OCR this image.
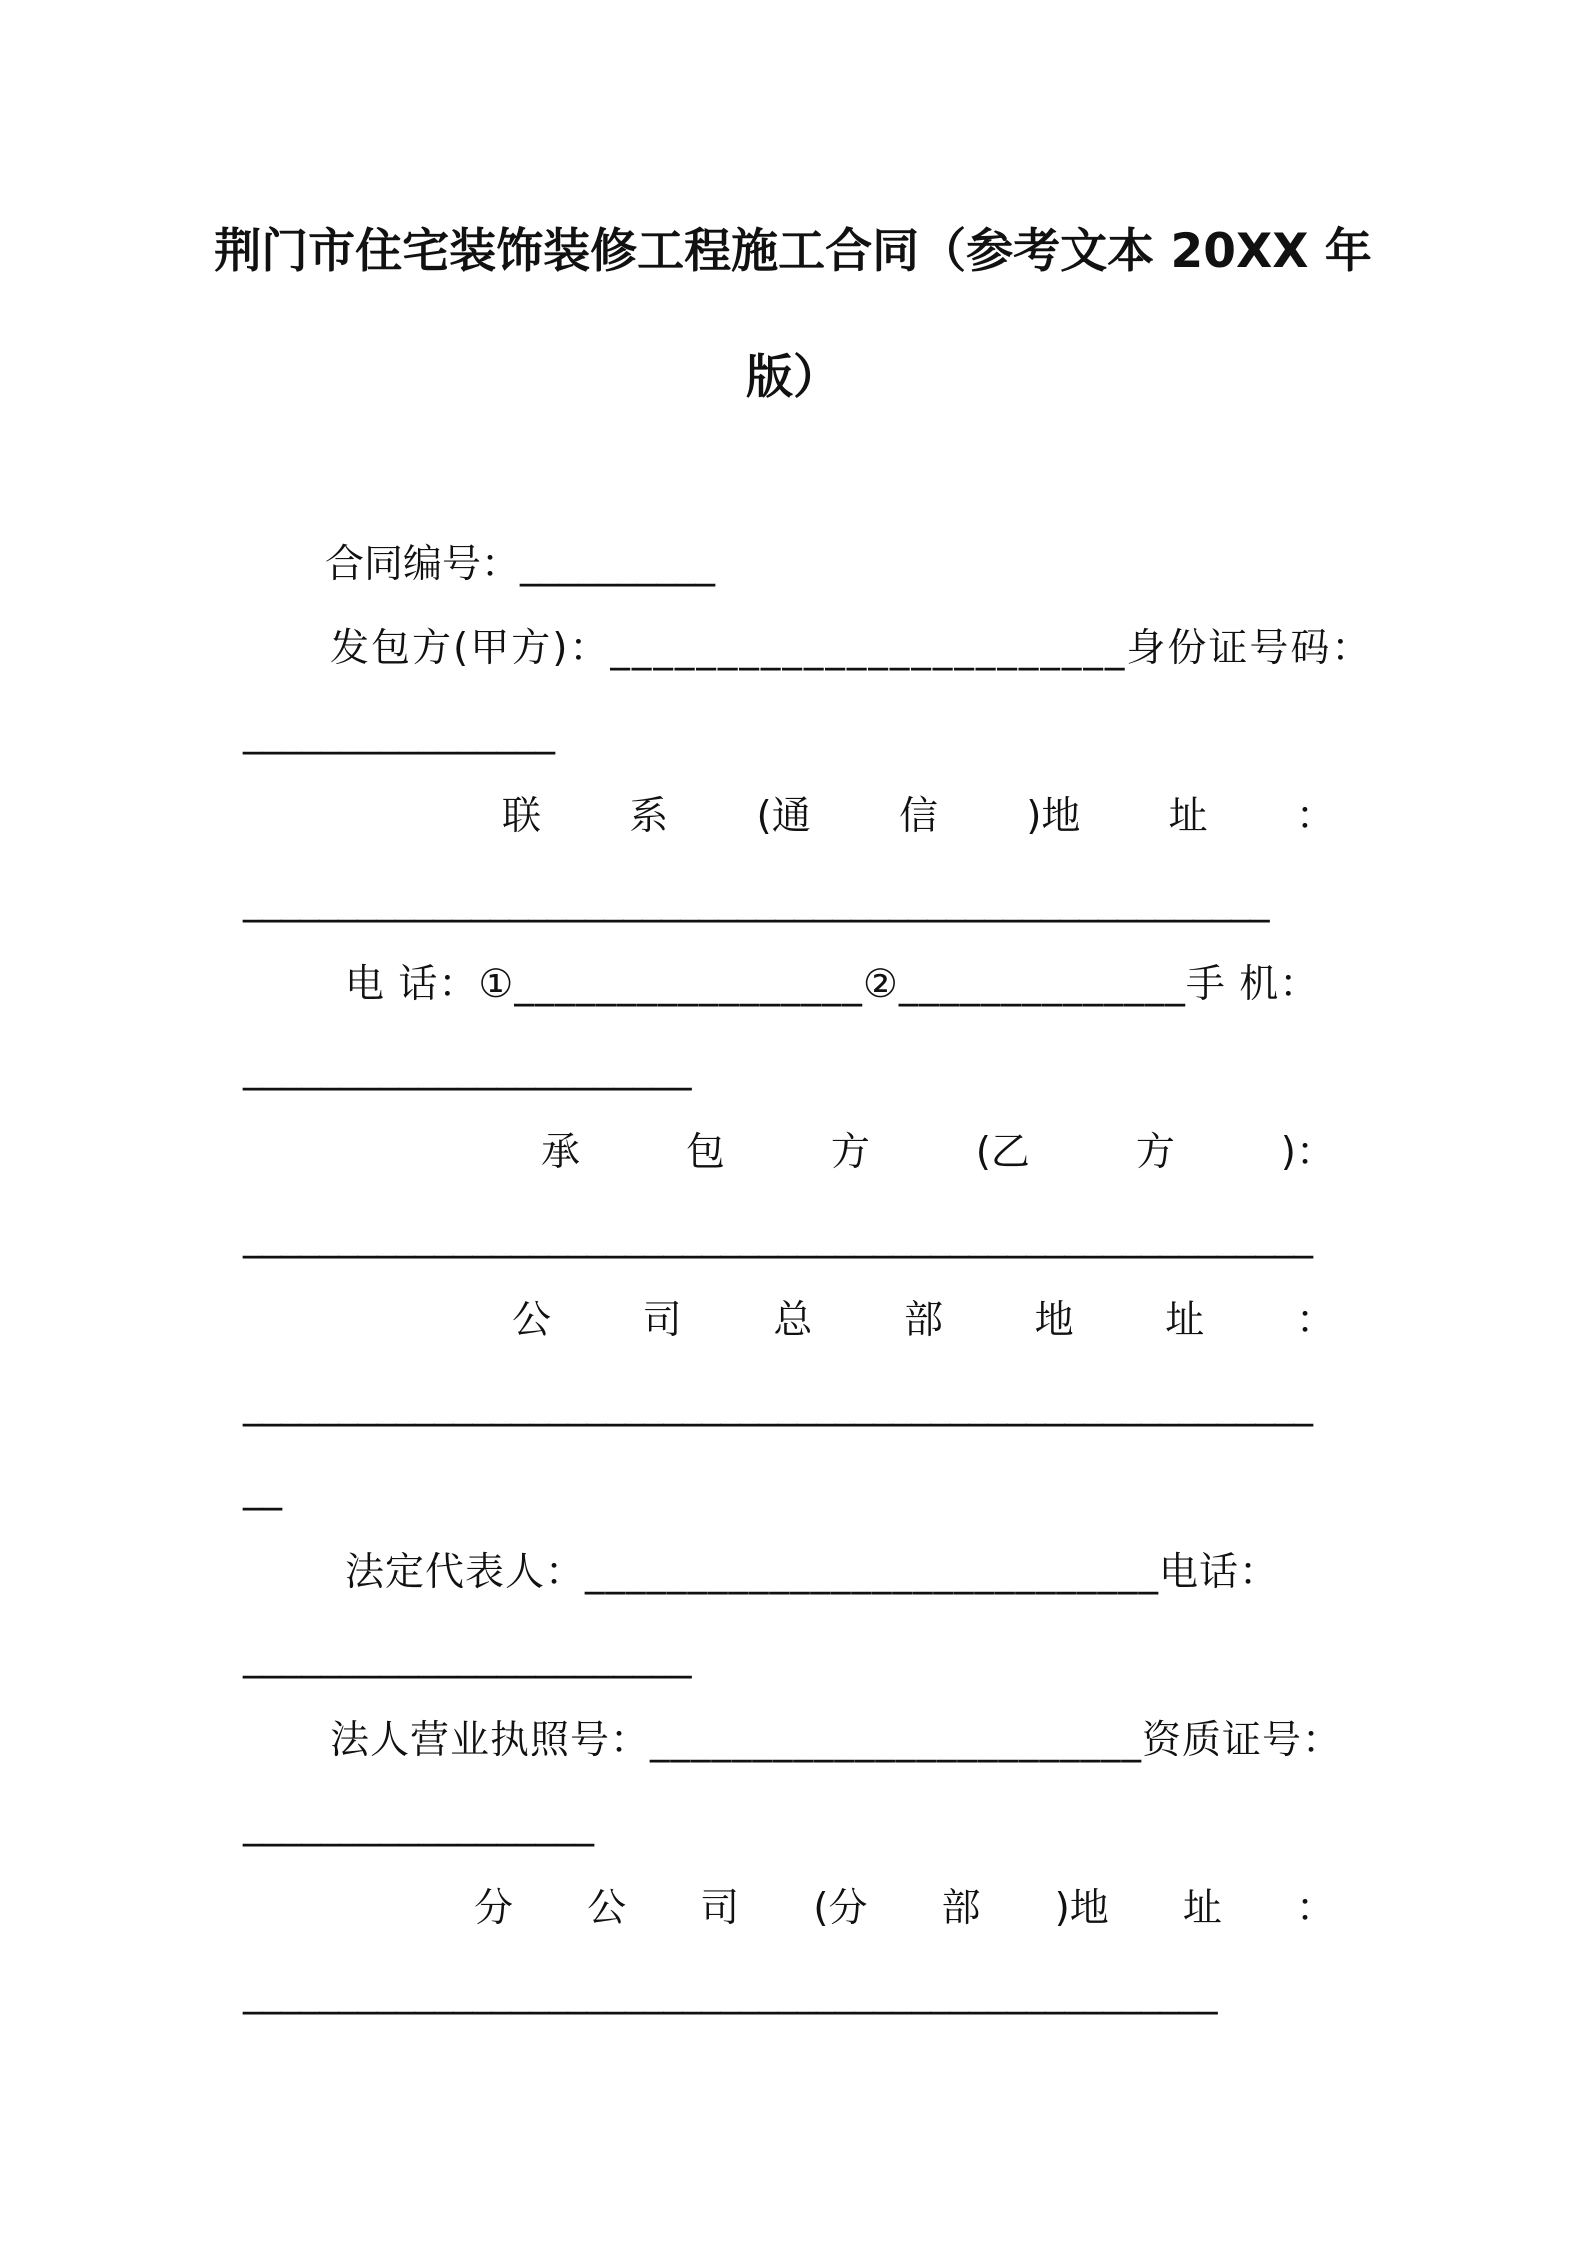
荆门市住宅装饰装修工程施工合同（参考文本 20XX 年
版）

合同编号：__________

发包方(甲方)：________________________身份证号码：

________________

联 系 (通 信 )地 址 ：

______________________________________________________

电 话：①_________________②______________手 机：

_______________________

承	包	方	(乙	方	)：

________________________________________________________

公 司 总 部 地 址 ：

________________________________________________________

__

法定代表人：____________________________电话：

_______________________

法人营业执照号：________________________资质证号：

__________________

分 公 司 (分 部 )地 址 ：

___________________________________________________
